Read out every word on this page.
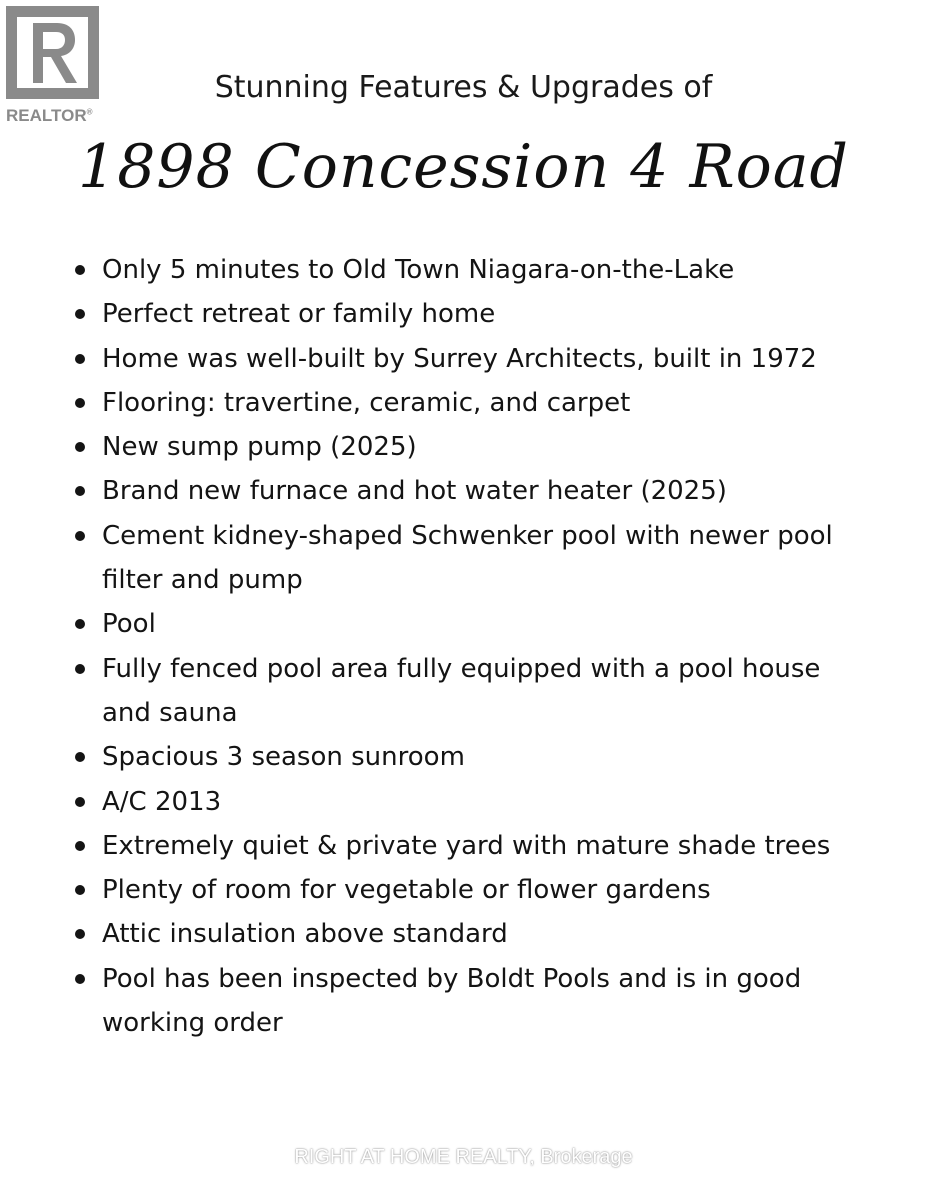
REALTOR®
Stunning Features & Upgrades of
1898 Concession 4 Road
Only 5 minutes to Old Town Niagara-on-the-Lake
Perfect retreat or family home
Home was well-built by Surrey Architects, built in 1972
Flooring: travertine, ceramic, and carpet
New sump pump (2025)
Brand new furnace and hot water heater (2025)
Cement kidney-shaped Schwenker pool with newer pool filter and pump
Pool
Fully fenced pool area fully equipped with a pool house and sauna
Spacious 3 season sunroom
A/C 2013
Extremely quiet & private yard with mature shade trees
Plenty of room for vegetable or flower gardens
Attic insulation above standard
Pool has been inspected by Boldt Pools and is in good working order
RIGHT AT HOME REALTY, Brokerage
